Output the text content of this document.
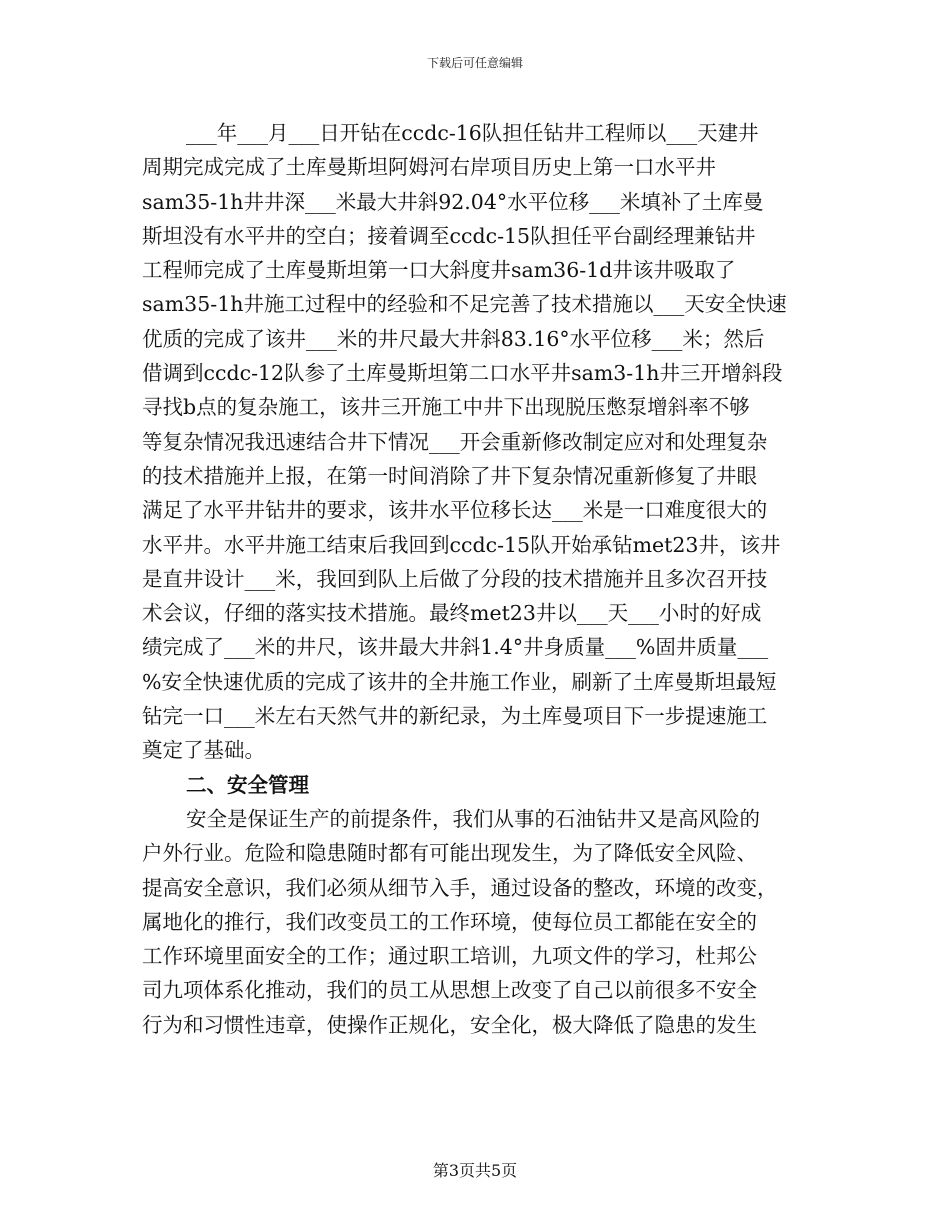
下载后可任意编辑
___年___月___日开钻在ccdc-16队担任钻井工程师以___天建井
周期完成完成了土库曼斯坦阿姆河右岸项目历史上第一口水平井
sam35-1h井井深___米最大井斜92.04°水平位移___米填补了土库曼
斯坦没有水平井的空白；接着调至ccdc-15队担任平台副经理兼钻井
工程师完成了土库曼斯坦第一口大斜度井sam36-1d井该井吸取了
sam35-1h井施工过程中的经验和不足完善了技术措施以___天安全快速
优质的完成了该井___米的井尺最大井斜83.16°水平位移___米；然后
借调到ccdc-12队参了土库曼斯坦第二口水平井sam3-1h井三开增斜段
寻找b点的复杂施工，该井三开施工中井下出现脱压憋泵增斜率不够
等复杂情况我迅速结合井下情况___开会重新修改制定应对和处理复杂
的技术措施并上报，在第一时间消除了井下复杂情况重新修复了井眼
满足了水平井钻井的要求，该井水平位移长达___米是一口难度很大的
水平井。水平井施工结束后我回到ccdc-15队开始承钻met23井，该井
是直井设计___米，我回到队上后做了分段的技术措施并且多次召开技
术会议，仔细的落实技术措施。最终met23井以___天___小时的好成
绩完成了___米的井尺，该井最大井斜1.4°井身质量___%固井质量___
%安全快速优质的完成了该井的全井施工作业，刷新了土库曼斯坦最短
钻完一口___米左右天然气井的新纪录，为土库曼项目下一步提速施工
奠定了基础。
二、安全管理
安全是保证生产的前提条件，我们从事的石油钻井又是高风险的
户外行业。危险和隐患随时都有可能出现发生，为了降低安全风险、
提高安全意识，我们必须从细节入手，通过设备的整改，环境的改变，
属地化的推行，我们改变员工的工作环境，使每位员工都能在安全的
工作环境里面安全的工作；通过职工培训，九项文件的学习，杜邦公
司九项体系化推动，我们的员工从思想上改变了自己以前很多不安全
行为和习惯性违章，使操作正规化，安全化，极大降低了隐患的发生
第3页共5页
